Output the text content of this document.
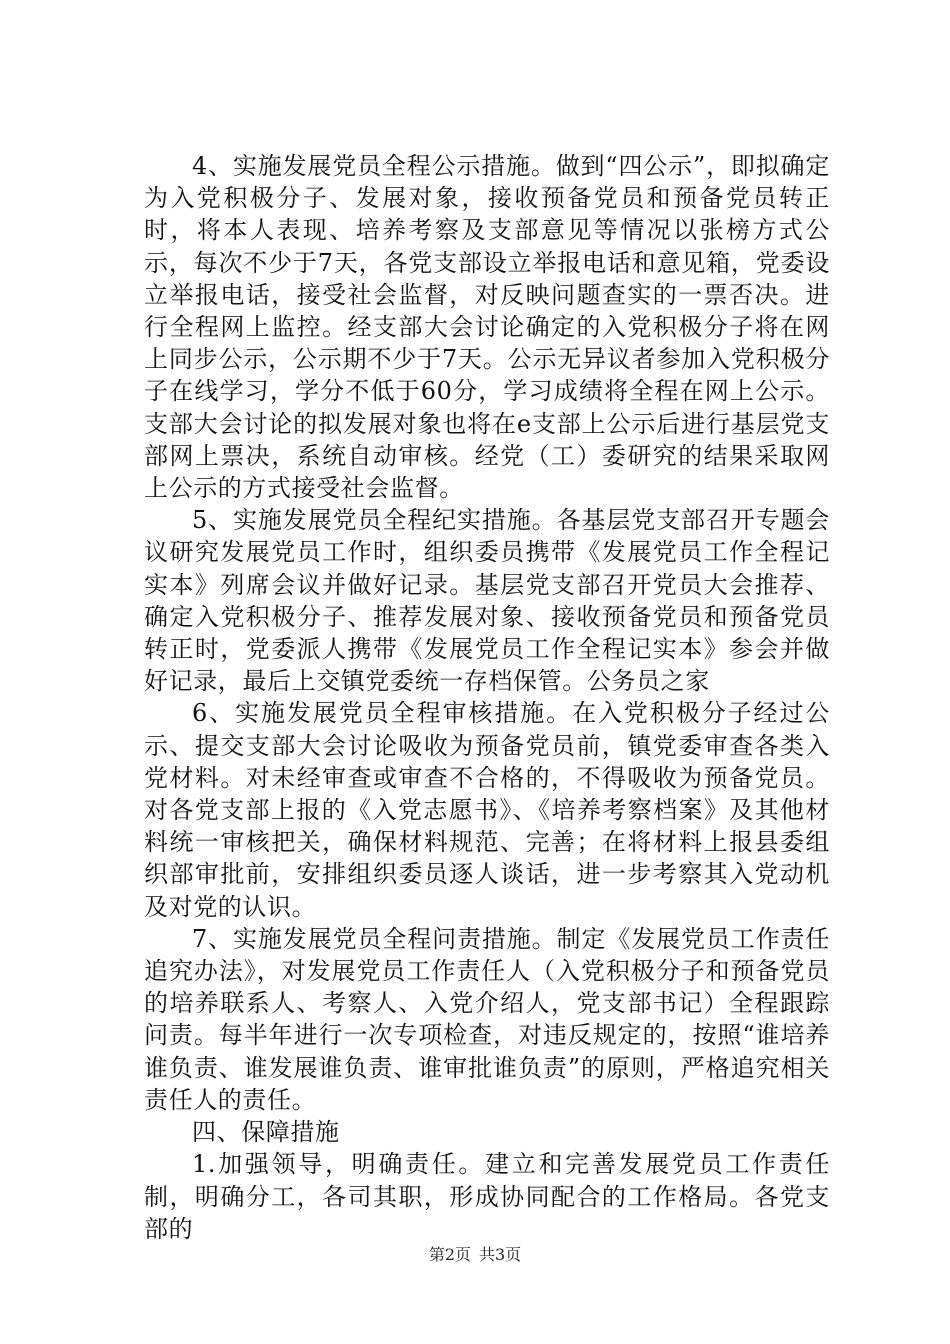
4、实施发展党员全程公示措施。做到“四公示”，即拟确定为入党积极分子、发展对象，接收预备党员和预备党员转正时，将本人表现、培养考察及支部意见等情况以张榜方式公示，每次不少于7天，各党支部设立举报电话和意见箱，党委设立举报电话，接受社会监督，对反映问题查实的一票否决。进行全程网上监控。经支部大会讨论确定的入党积极分子将在网上同步公示，公示期不少于7天。公示无异议者参加入党积极分子在线学习，学分不低于60分，学习成绩将全程在网上公示。支部大会讨论的拟发展对象也将在e支部上公示后进行基层党支部网上票决，系统自动审核。经党（工）委研究的结果采取网上公示的方式接受社会监督。

5、实施发展党员全程纪实措施。各基层党支部召开专题会议研究发展党员工作时，组织委员携带《发展党员工作全程记实本》列席会议并做好记录。基层党支部召开党员大会推荐、确定入党积极分子、推荐发展对象、接收预备党员和预备党员转正时，党委派人携带《发展党员工作全程记实本》参会并做好记录，最后上交镇党委统一存档保管。公务员之家

6、实施发展党员全程审核措施。在入党积极分子经过公示、提交支部大会讨论吸收为预备党员前，镇党委审查各类入党材料。对未经审查或审查不合格的，不得吸收为预备党员。对各党支部上报的《入党志愿书》、《培养考察档案》及其他材料统一审核把关，确保材料规范、完善；在将材料上报县委组织部审批前，安排组织委员逐人谈话，进一步考察其入党动机及对党的认识。

7、实施发展党员全程问责措施。制定《发展党员工作责任追究办法》，对发展党员工作责任人（入党积极分子和预备党员的培养联系人、考察人、入党介绍人，党支部书记）全程跟踪问责。每半年进行一次专项检查，对违反规定的，按照“谁培养谁负责、谁发展谁负责、谁审批谁负责”的原则，严格追究相关责任人的责任。

四、保障措施

1.加强领导，明确责任。建立和完善发展党员工作责任制，明确分工，各司其职，形成协同配合的工作格局。各党支部的

第2页 共3页
